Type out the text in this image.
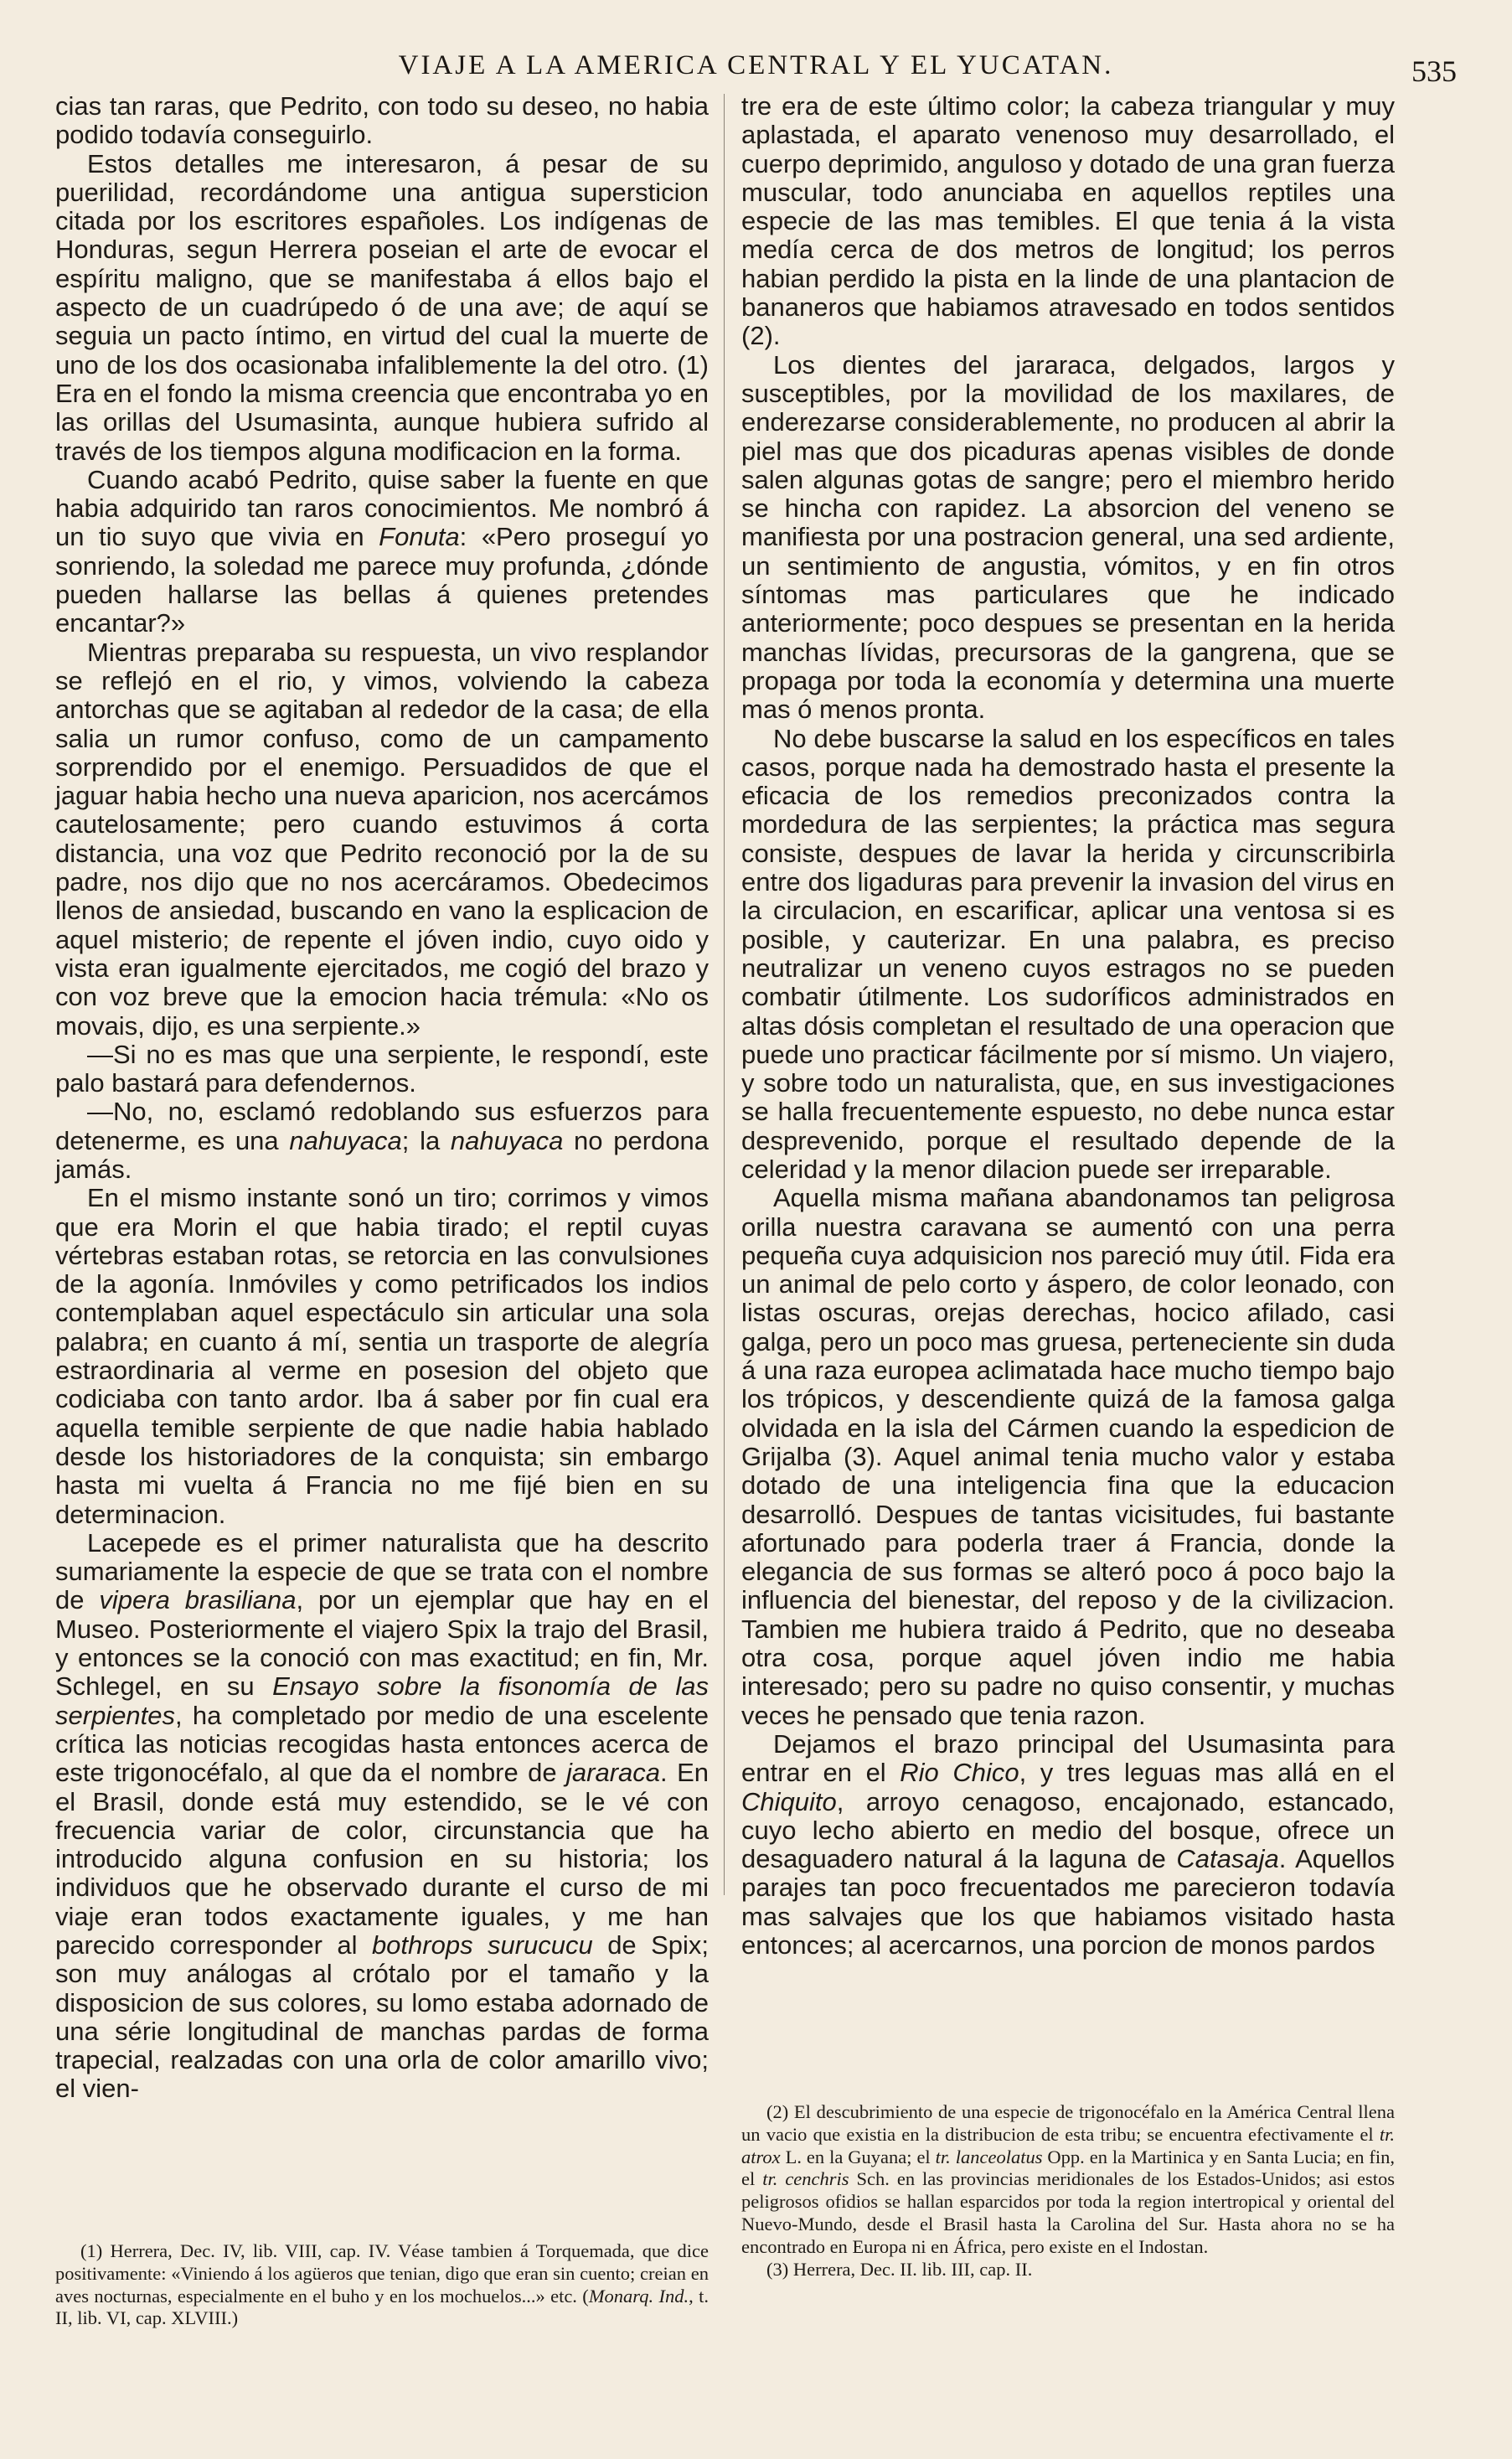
VIAJE A LA AMERICA CENTRAL Y EL YUCATAN.	535

cias tan raras, que Pedrito, con todo su deseo, no habia podido todavía conseguirlo.

Estos detalles me interesaron, á pesar de su puerilidad, recordándome una antigua supersticion citada por los escritores españoles. Los indígenas de Honduras, segun Herrera poseian el arte de evocar el espíritu maligno, que se manifestaba á ellos bajo el aspecto de un cuadrúpedo ó de una ave; de aquí se seguia un pacto íntimo, en virtud del cual la muerte de uno de los dos ocasionaba infaliblemente la del otro. (1) Era en el fondo la misma creencia que encontraba yo en las orillas del Usumasinta, aunque hubiera sufrido al través de los tiempos alguna modificacion en la forma.

Cuando acabó Pedrito, quise saber la fuente en que habia adquirido tan raros conocimientos. Me nombró á un tio suyo que vivia en Fonuta: «Pero proseguí yo sonriendo, la soledad me parece muy profunda, ¿dónde pueden hallarse las bellas á quienes pretendes encantar?»

Mientras preparaba su respuesta, un vivo resplandor se reflejó en el rio, y vimos, volviendo la cabeza antorchas que se agitaban al rededor de la casa; de ella salia un rumor confuso, como de un campamento sorprendido por el enemigo. Persuadidos de que el jaguar habia hecho una nueva aparicion, nos acercámos cautelosamente; pero cuando estuvimos á corta distancia, una voz que Pedrito reconoció por la de su padre, nos dijo que no nos acercáramos. Obedecimos llenos de ansiedad, buscando en vano la esplicacion de aquel misterio; de repente el jóven indio, cuyo oido y vista eran igualmente ejercitados, me cogió del brazo y con voz breve que la emocion hacia trémula: «No os movais, dijo, es una serpiente.»

—Si no es mas que una serpiente, le respondí, este palo bastará para defendernos.

—No, no, esclamó redoblando sus esfuerzos para detenerme, es una nahuyaca; la nahuyaca no perdona jamás.

En el mismo instante sonó un tiro; corrimos y vimos que era Morin el que habia tirado; el reptil cuyas vértebras estaban rotas, se retorcia en las convulsiones de la agonía. Inmóviles y como petrificados los indios contemplaban aquel espectáculo sin articular una sola palabra; en cuanto á mí, sentia un trasporte de alegría estraordinaria al verme en posesion del objeto que codiciaba con tanto ardor. Iba á saber por fin cual era aquella temible serpiente de que nadie habia hablado desde los historiadores de la conquista; sin embargo hasta mi vuelta á Francia no me fijé bien en su determinacion.

Lacepede es el primer naturalista que ha descrito sumariamente la especie de que se trata con el nombre de vipera brasiliana, por un ejemplar que hay en el Museo. Posteriormente el viajero Spix la trajo del Brasil, y entonces se la conoció con mas exactitud; en fin, Mr. Schlegel, en su Ensayo sobre la fisonomía de las serpientes, ha completado por medio de una escelente crítica las noticias recogidas hasta entonces acerca de este trigonocéfalo, al que da el nombre de jararaca. En el Brasil, donde está muy estendido, se le vé con frecuencia variar de color, circunstancia que ha introducido alguna confusion en su historia; los individuos que he observado durante el curso de mi viaje eran todos exactamente iguales, y me han parecido corresponder al bothrops surucucu de Spix; son muy análogas al crótalo por el tamaño y la disposicion de sus colores, su lomo estaba adornado de una série longitudinal de manchas pardas de forma trapecial, realzadas con una orla de color amarillo vivo; el vien-

tre era de este último color; la cabeza triangular y muy aplastada, el aparato venenoso muy desarrollado, el cuerpo deprimido, anguloso y dotado de una gran fuerza muscular, todo anunciaba en aquellos reptiles una especie de las mas temibles. El que tenia á la vista medía cerca de dos metros de longitud; los perros habian perdido la pista en la linde de una plantacion de bananeros que habiamos atravesado en todos sentidos (2).

Los dientes del jararaca, delgados, largos y susceptibles, por la movilidad de los maxilares, de enderezarse considerablemente, no producen al abrir la piel mas que dos picaduras apenas visibles de donde salen algunas gotas de sangre; pero el miembro herido se hincha con rapidez. La absorcion del veneno se manifiesta por una postracion general, una sed ardiente, un sentimiento de angustia, vómitos, y en fin otros síntomas mas particulares que he indicado anteriormente; poco despues se presentan en la herida manchas lívidas, precursoras de la gangrena, que se propaga por toda la economía y determina una muerte mas ó menos pronta.

No debe buscarse la salud en los específicos en tales casos, porque nada ha demostrado hasta el presente la eficacia de los remedios preconizados contra la mordedura de las serpientes; la práctica mas segura consiste, despues de lavar la herida y circunscribirla entre dos ligaduras para prevenir la invasion del virus en la circulacion, en escarificar, aplicar una ventosa si es posible, y cauterizar. En una palabra, es preciso neutralizar un veneno cuyos estragos no se pueden combatir útilmente. Los sudoríficos administrados en altas dósis completan el resultado de una operacion que puede uno practicar fácilmente por sí mismo. Un viajero, y sobre todo un naturalista, que, en sus investigaciones se halla frecuentemente espuesto, no debe nunca estar desprevenido, porque el resultado depende de la celeridad y la menor dilacion puede ser irreparable.

Aquella misma mañana abandonamos tan peligrosa orilla nuestra caravana se aumentó con una perra pequeña cuya adquisicion nos pareció muy útil. Fida era un animal de pelo corto y áspero, de color leonado, con listas oscuras, orejas derechas, hocico afilado, casi galga, pero un poco mas gruesa, perteneciente sin duda á una raza europea aclimatada hace mucho tiempo bajo los trópicos, y descendiente quizá de la famosa galga olvidada en la isla del Cármen cuando la espedicion de Grijalba (3). Aquel animal tenia mucho valor y estaba dotado de una inteligencia fina que la educacion desarrolló. Despues de tantas vicisitudes, fui bastante afortunado para poderla traer á Francia, donde la elegancia de sus formas se alteró poco á poco bajo la influencia del bienestar, del reposo y de la civilizacion. Tambien me hubiera traido á Pedrito, que no deseaba otra cosa, porque aquel jóven indio me habia interesado; pero su padre no quiso consentir, y muchas veces he pensado que tenia razon.

Dejamos el brazo principal del Usumasinta para entrar en el Rio Chico, y tres leguas mas allá en el Chiquito, arroyo cenagoso, encajonado, estancado, cuyo lecho abierto en medio del bosque, ofrece un desaguadero natural á la laguna de Catasaja. Aquellos parajes tan poco frecuentados me parecieron todavía mas salvajes que los que habiamos visitado hasta entonces; al acercarnos, una porcion de monos pardos

(1) Herrera, Dec. IV, lib. VIII, cap. IV. Véase tambien á Torquemada, que dice positivamente: «Viniendo á los agüeros que tenian, digo que eran sin cuento; creian en aves nocturnas, especialmente en el buho y en los mochuelos...» etc. (Monarq. Ind., t. II, lib. VI, cap. XLVIII.)

(2) El descubrimiento de una especie de trigonocéfalo en la América Central llena un vacio que existia en la distribucion de esta tribu; se encuentra efectivamente el tr. atrox L. en la Guyana; el tr. lanceolatus Opp. en la Martinica y en Santa Lucia; en fin, el tr. cenchris Sch. en las provincias meridionales de los Estados-Unidos; asi estos peligrosos ofidios se hallan esparcidos por toda la region intertropical y oriental del Nuevo-Mundo, desde el Brasil hasta la Carolina del Sur. Hasta ahora no se ha encontrado en Europa ni en África, pero existe en el Indostan.

(3) Herrera, Dec. II. lib. III, cap. II.
